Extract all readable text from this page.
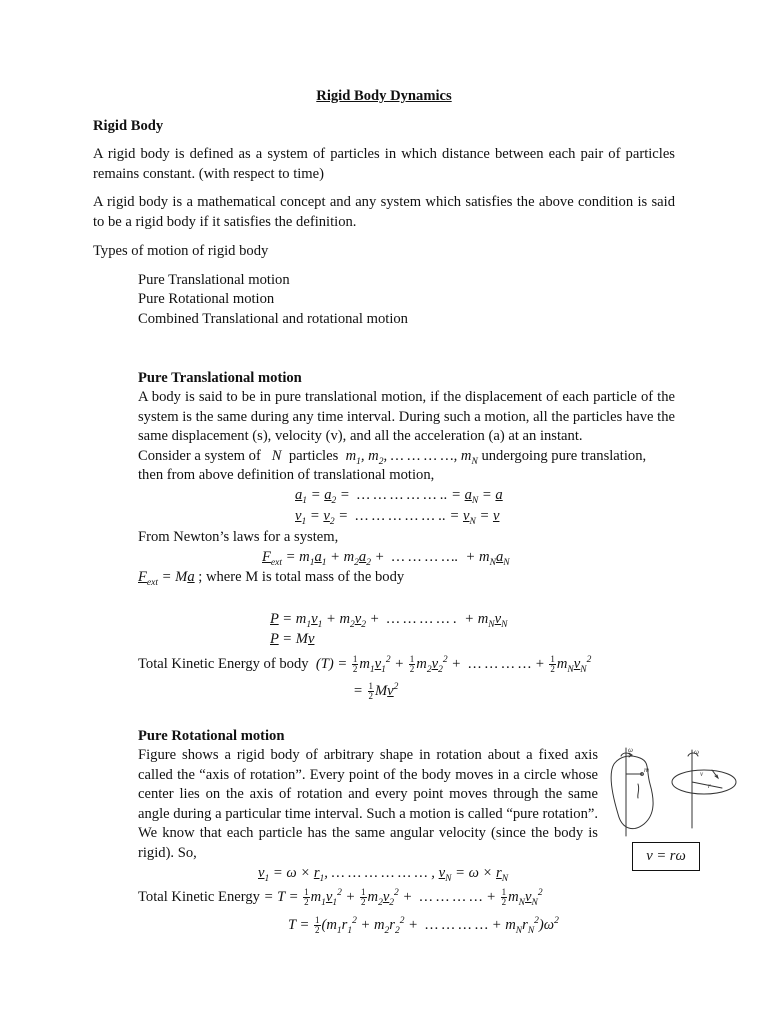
Rigid Body Dynamics
Rigid Body
A rigid body is defined as a system of particles in which distance between each pair of particles remains constant. (with respect to time)
A rigid body is a mathematical concept and any system which satisfies the above condition is said to be a rigid body if it satisfies the definition.
Types of motion of rigid body
Pure Translational motion
Pure Rotational motion
Combined Translational and rotational motion
Pure Translational motion
A body is said to be in pure translational motion, if the displacement of each particle of the system is the same during any time interval. During such a motion, all the particles have the same displacement (s), velocity (v), and all the acceleration (a) at an instant.
Consider a system of   N  particles  $m_1$, $m_2$, … … … …, $m_N$ undergoing pure translation,
then from above definition of translational motion,
$a_1 = a_2$ =  … … … … … .. = $a_N = a$
$v_1 = v_2$ =  … … … … … .. = $v_N = v$
From Newton’s laws for a system,
$F_{ext} = m_1a_1 + m_2a_2$ +  … … … ….  + $m_Na_N$
$F_{ext} = Ma$ ; where M is total mass of the body
$P = m_1v_1 + m_2v_2$ +  … … … … .  + $m_Nv_N$
P = Mv
Total Kinetic Energy of body  $(T) = \frac{1}{2} m_1v_1^2 + \frac{1}{2} m_2v_2^2$ +  … … … … + $\frac{1}{2} m_Nv_N^2$
= $\frac{1}{2} Mv^2$
Pure Rotational motion
Figure shows a rigid body of arbitrary shape in rotation about a fixed axis called the “axis of rotation”. Every point of the body moves in a circle whose center lies on the axis of rotation and every point moves through the same angle during a particular time interval. Such a motion is called “pure rotation”. We know that each particle has the same angular velocity (since the body is rigid). So,
$v_1 = \omega \times r_1$, … … … … … … , $v_N = \omega \times r_N$
Total Kinetic Energy = $T = \frac{1}{2} m_1v_1^2 + \frac{1}{2} m_2v_2^2$ +  … … … … + $\frac{1}{2} m_Nv_N^2$
$T = \frac{1}{2} (m_1r_1^2 + m_2r_2^2$ +  … … … … + $m_Nr_N^2)\omega^2$
ω	ω
m	v
r
v = rω
